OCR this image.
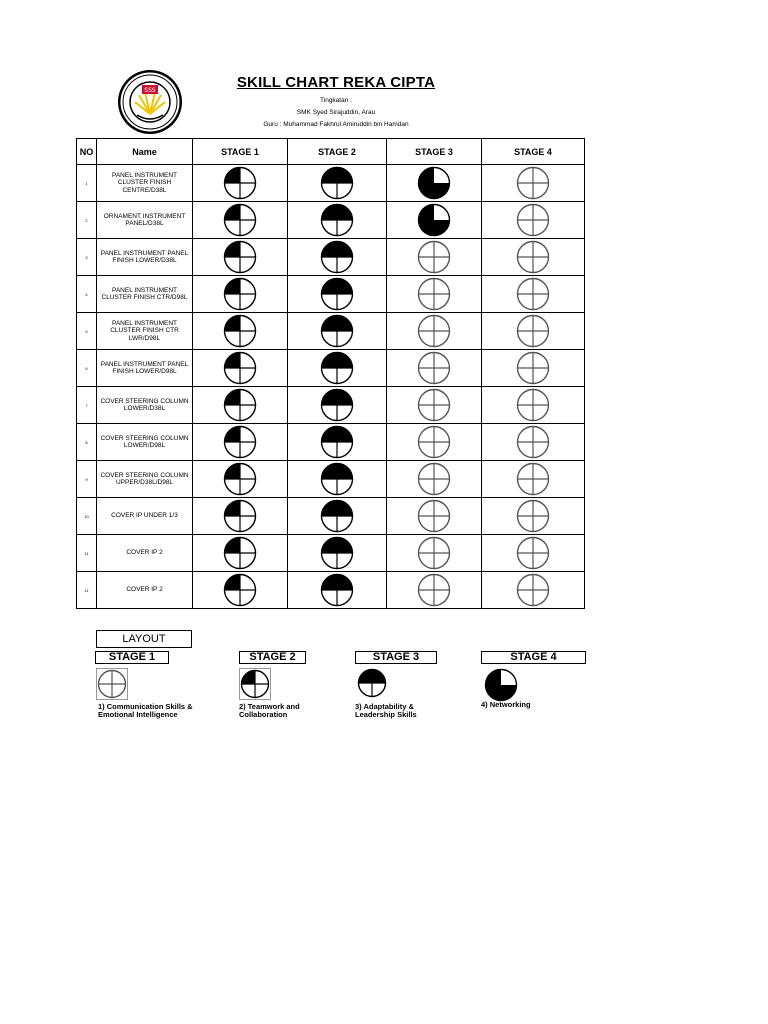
SSS	SKILL CHART REKA CIPTA
Tingkatan :
SMK Syed Sirajuddin, Arau
Guru : Muhammad Fakhrul Amiruddin bin Hamdan
NO	Name	STAGE 1	STAGE 2	STAGE 3	STAGE 4
1	PANEL INSTRUMENT CLUSTER FINISH CENTRE/D38L	

2	ORNAMENT INSTRUMENT PANEL/D38L	

3	PANEL INSTRUMENT PANEL FINISH LOWER/D38L	

4	PANEL INSTRUMENT CLUSTER FINISH CTR/D98L	

5	PANEL INSTRUMENT CLUSTER FINISH CTR LWR/D98L	

6	PANEL INSTRUMENT PANEL FINISH LOWER/D98L	

7	COVER STEERING COLUMN LOWER/D38L	

8	COVER STEERING COLUMN LOWER/D98L	

9	COVER STEERING COLUMN UPPER/D38L/D98L	

10	COVER IP UNDER 1/3	

11	COVER IP 2	

11	COVER IP 2	

LAYOUT
STAGE 1	STAGE 2	STAGE 3	STAGE 4
1) Communication Skills & Emotional Intelligence
2) Teamwork and Collaboration
3) Adaptability & Leadership Skills
4) Networking
